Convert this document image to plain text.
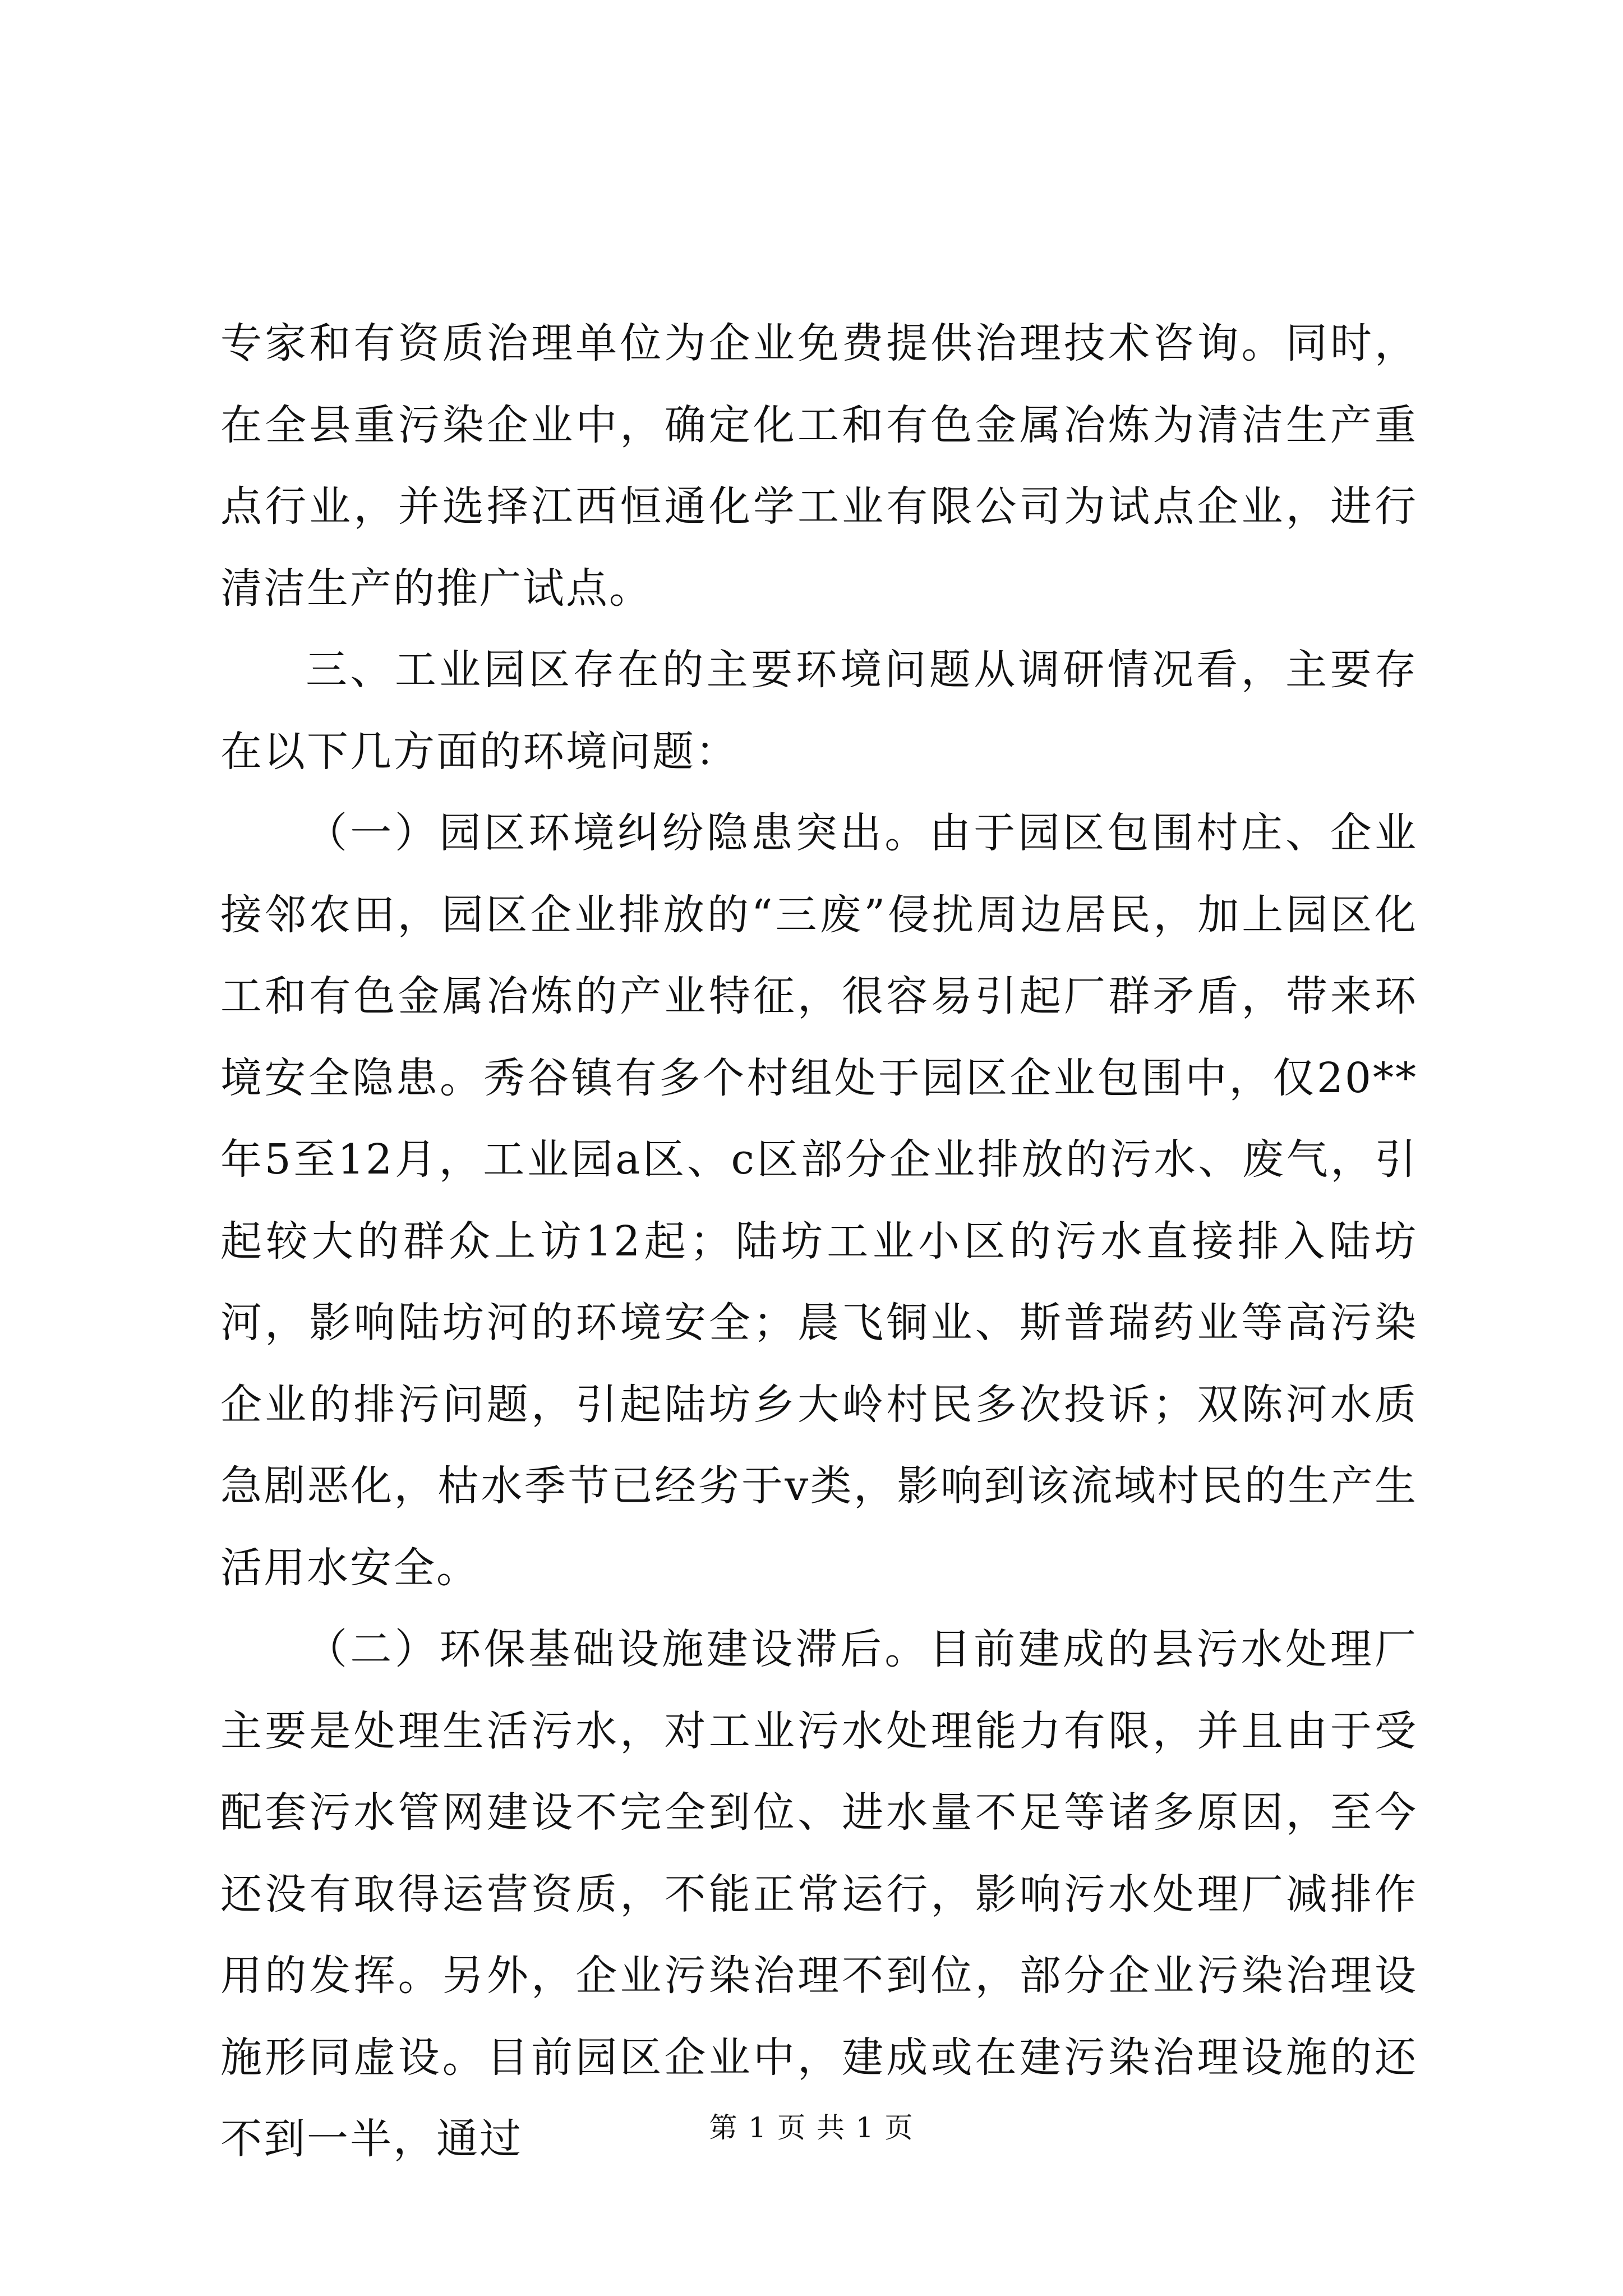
专家和有资质治理单位为企业免费提供治理技术咨询。同时，在全县重污染企业中，确定化工和有色金属冶炼为清洁生产重点行业，并选择江西恒通化学工业有限公司为试点企业，进行清洁生产的推广试点。

三、工业园区存在的主要环境问题从调研情况看，主要存在以下几方面的环境问题：

（一）园区环境纠纷隐患突出。由于园区包围村庄、企业接邻农田，园区企业排放的“三废”侵扰周边居民，加上园区化工和有色金属冶炼的产业特征，很容易引起厂群矛盾，带来环境安全隐患。秀谷镇有多个村组处于园区企业包围中，仅20**年5至12月，工业园a区、c区部分企业排放的污水、废气，引起较大的群众上访12起；陆坊工业小区的污水直接排入陆坊河，影响陆坊河的环境安全；晨飞铜业、斯普瑞药业等高污染企业的排污问题，引起陆坊乡大岭村民多次投诉；双陈河水质急剧恶化，枯水季节已经劣于v类，影响到该流域村民的生产生活用水安全。

（二）环保基础设施建设滞后。目前建成的县污水处理厂主要是处理生活污水，对工业污水处理能力有限，并且由于受配套污水管网建设不完全到位、进水量不足等诸多原因，至今还没有取得运营资质，不能正常运行，影响污水处理厂减排作用的发挥。另外，企业污染治理不到位，部分企业污染治理设施形同虚设。目前园区企业中，建成或在建污染治理设施的还不到一半，通过	第 1 页 共 1 页
